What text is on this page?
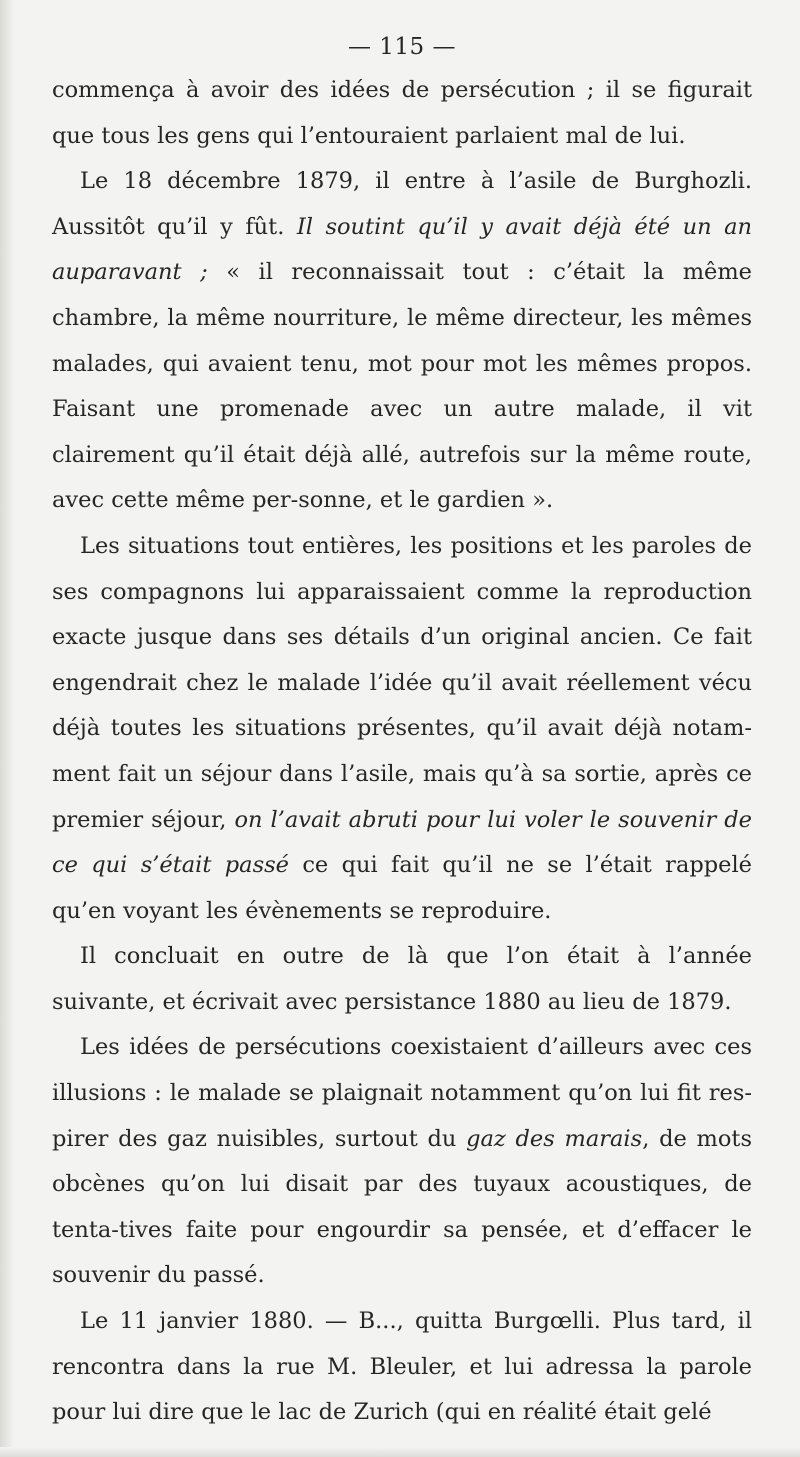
— 115 —

commença à avoir des idées de persécution ; il se figurait que tous les gens qui l’entouraient parlaient mal de lui.

Le 18 décembre 1879, il entre à l’asile de Burghozli. Aussitôt qu’il y fût. Il soutint qu’il y avait déjà été un an auparavant ; « il reconnaissait tout : c’était la même chambre, la même nourriture, le même directeur, les mêmes malades, qui avaient tenu, mot pour mot les mêmes propos. Faisant une promenade avec un autre malade, il vit clairement qu’il était déjà allé, autrefois sur la même route, avec cette même per-sonne, et le gardien ».

Les situations tout entières, les positions et les paroles de ses compagnons lui apparaissaient comme la reproduction exacte jusque dans ses détails d’un original ancien. Ce fait engendrait chez le malade l’idée qu’il avait réellement vécu déjà toutes les situations présentes, qu’il avait déjà notam-ment fait un séjour dans l’asile, mais qu’à sa sortie, après ce premier séjour, on l’avait abruti pour lui voler le souvenir de ce qui s’était passé ce qui fait qu’il ne se l’était rappelé qu’en voyant les évènements se reproduire.

Il concluait en outre de là que l’on était à l’année suivante, et écrivait avec persistance 1880 au lieu de 1879.

Les idées de persécutions coexistaient d’ailleurs avec ces illusions : le malade se plaignait notamment qu’on lui fit res-pirer des gaz nuisibles, surtout du gaz des marais, de mots obcènes qu’on lui disait par des tuyaux acoustiques, de tenta-tives faite pour engourdir sa pensée, et d’effacer le souvenir du passé.

Le 11 janvier 1880. — B..., quitta Burgœlli. Plus tard, il rencontra dans la rue M. Bleuler, et lui adressa la parole pour lui dire que le lac de Zurich (qui en réalité était gelé
